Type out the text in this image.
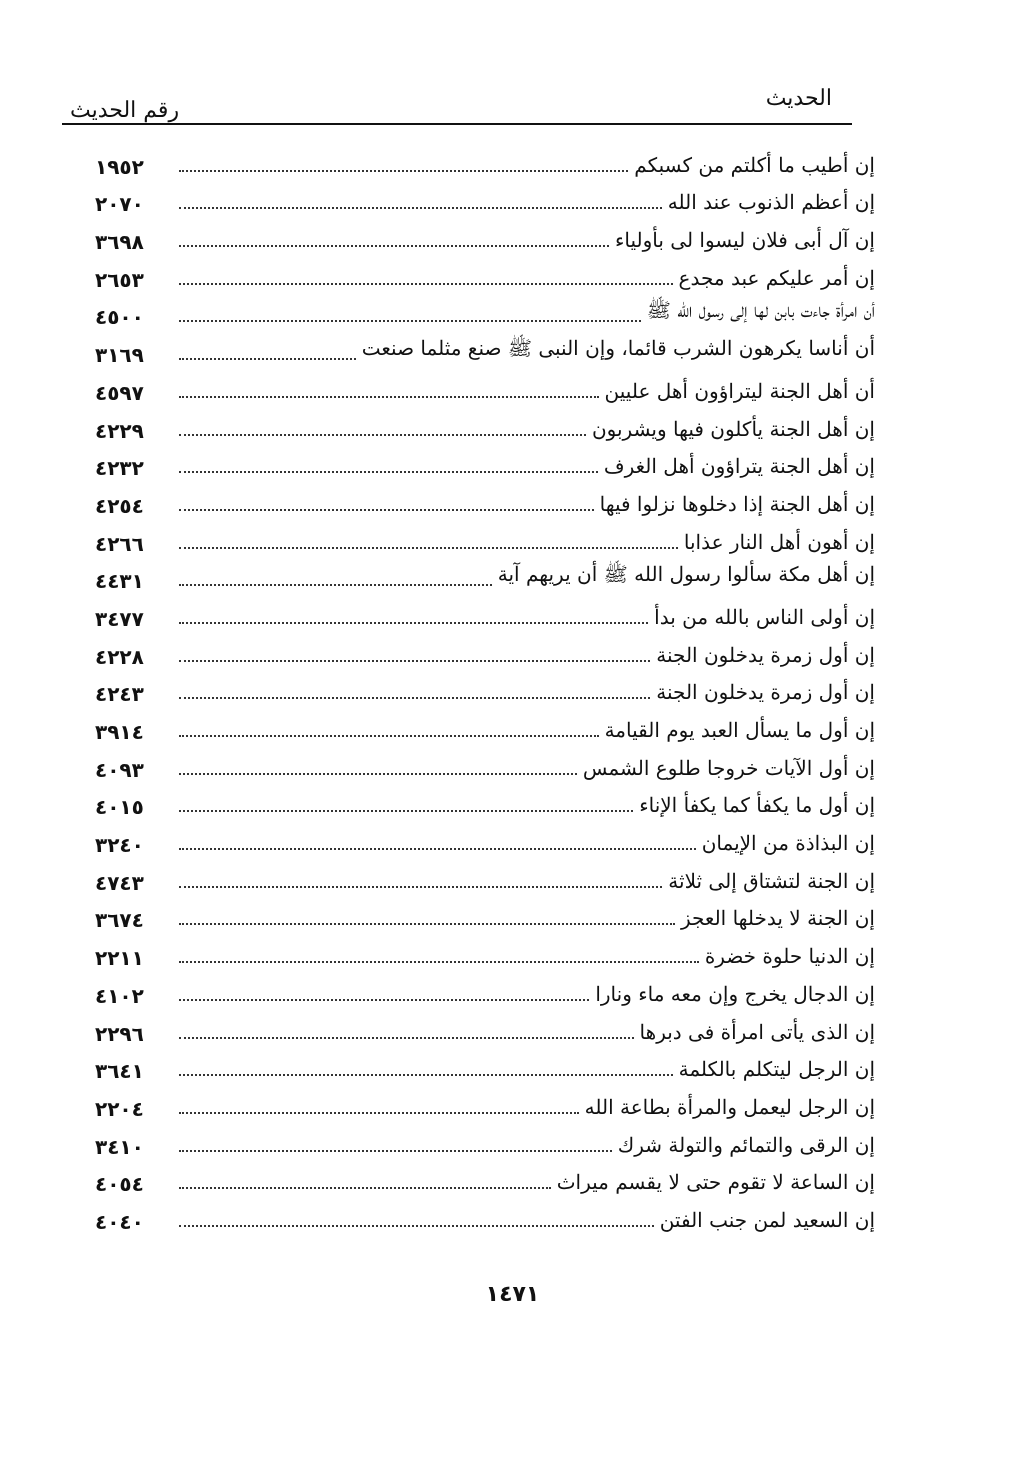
رقم الحديث	الحديث
١٩٥٢	إن أطيب ما أكلتم من كسبكم
٢٠٧٠	إن أعظم الذنوب عند الله
٣٦٩٨	إن آل أبى فلان ليسوا لى بأولياء
٢٦٥٣	إن أمر عليكم عبد مجدع
٤٥٠٠	أن امرأة جاءت بابن لها إلى رسول الله ﷺ
٣١٦٩	أن أناسا يكرهون الشرب قائما، وإن النبى ﷺ صنع مثلما صنعت
٤٥٩٧	أن أهل الجنة ليتراؤون أهل عليين
٤٢٢٩	إن أهل الجنة يأكلون فيها ويشربون
٤٢٣٢	إن أهل الجنة يتراؤون أهل الغرف
٤٢٥٤	إن أهل الجنة إذا دخلوها نزلوا فيها
٤٢٦٦	إن أهون أهل النار عذابا
٤٤٣١	إن أهل مكة سألوا رسول الله ﷺ أن يريهم آية
٣٤٧٧	إن أولى الناس بالله من بدأ
٤٢٢٨	إن أول زمرة يدخلون الجنة
٤٢٤٣	إن أول زمرة يدخلون الجنة
٣٩١٤	إن أول ما يسأل العبد يوم القيامة
٤٠٩٣	إن أول الآيات خروجا طلوع الشمس
٤٠١٥	إن أول ما يكفأ كما يكفأ الإناء
٣٢٤٠	إن البذاذة من الإيمان
٤٧٤٣	إن الجنة لتشتاق إلى ثلاثة
٣٦٧٤	إن الجنة لا يدخلها العجز
٢٢١١	إن الدنيا حلوة خضرة
٤١٠٢	إن الدجال يخرج وإن معه ماء ونارا
٢٢٩٦	إن الذى يأتى امرأة فى دبرها
٣٦٤١	إن الرجل ليتكلم بالكلمة
٢٢٠٤	إن الرجل ليعمل والمرأة بطاعة الله
٣٤١٠	إن الرقى والتمائم والتولة شرك
٤٠٥٤	إن الساعة لا تقوم حتى لا يقسم ميراث
٤٠٤٠	إن السعيد لمن جنب الفتن
١٤٧١
